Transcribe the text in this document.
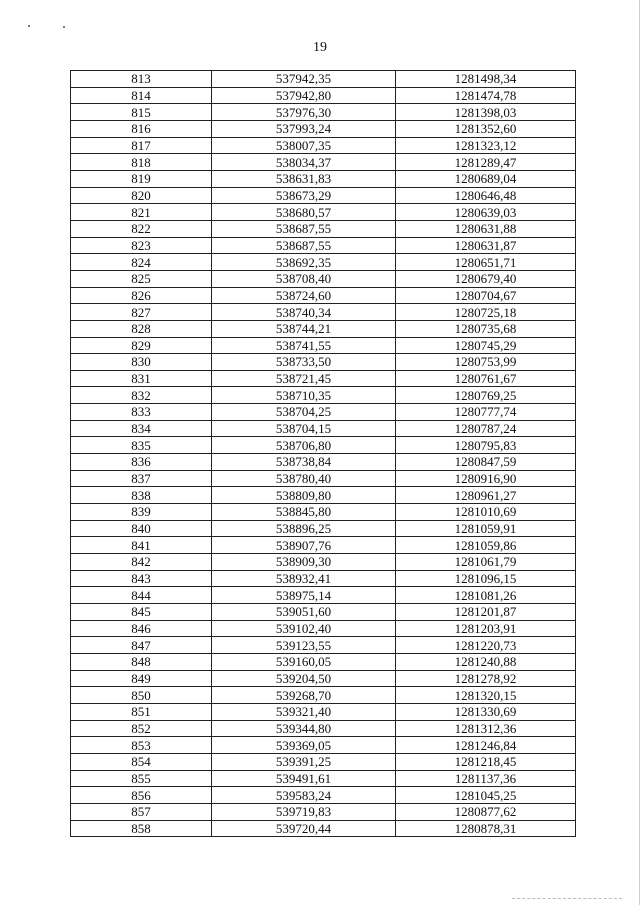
19
813	537942,35	1281498,34
814	537942,80	1281474,78
815	537976,30	1281398,03
816	537993,24	1281352,60
817	538007,35	1281323,12
818	538034,37	1281289,47
819	538631,83	1280689,04
820	538673,29	1280646,48
821	538680,57	1280639,03
822	538687,55	1280631,88
823	538687,55	1280631,87
824	538692,35	1280651,71
825	538708,40	1280679,40
826	538724,60	1280704,67
827	538740,34	1280725,18
828	538744,21	1280735,68
829	538741,55	1280745,29
830	538733,50	1280753,99
831	538721,45	1280761,67
832	538710,35	1280769,25
833	538704,25	1280777,74
834	538704,15	1280787,24
835	538706,80	1280795,83
836	538738,84	1280847,59
837	538780,40	1280916,90
838	538809,80	1280961,27
839	538845,80	1281010,69
840	538896,25	1281059,91
841	538907,76	1281059,86
842	538909,30	1281061,79
843	538932,41	1281096,15
844	538975,14	1281081,26
845	539051,60	1281201,87
846	539102,40	1281203,91
847	539123,55	1281220,73
848	539160,05	1281240,88
849	539204,50	1281278,92
850	539268,70	1281320,15
851	539321,40	1281330,69
852	539344,80	1281312,36
853	539369,05	1281246,84
854	539391,25	1281218,45
855	539491,61	1281137,36
856	539583,24	1281045,25
857	539719,83	1280877,62
858	539720,44	1280878,31
